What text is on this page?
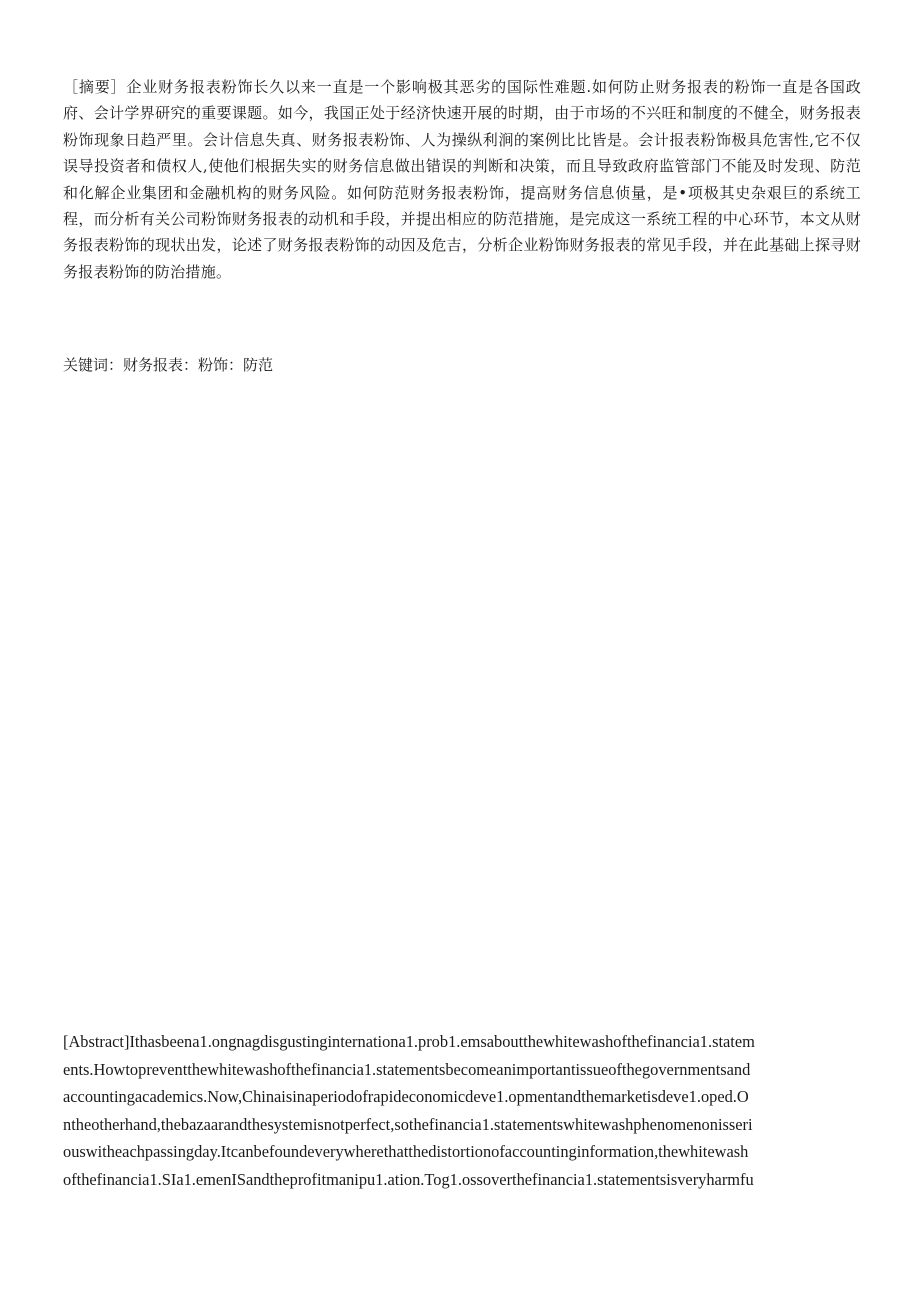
［摘要］企业财务报表粉饰长久以来一直是一个影响极其恶劣的国际性难题.如何防止财务报表的粉饰一直是各国政府、会计学界研究的重要课题。如今，我国正处于经济快速开展的时期，由于市场的不兴旺和制度的不健全，财务报表粉饰现象日趋严里。会计信息失真、财务报表粉饰、人为操纵利涧的案例比比皆是。会计报表粉饰极具危害性,它不仅误导投资者和债权人,使他们根据失实的财务信息做出错误的判断和决策，而且导致政府监管部门不能及时发现、防范和化解企业集团和金融机构的财务风险。如何防范财务报表粉饰，提高财务信息侦量，是•项极其史杂艰巨的系统工程，而分析有关公司粉饰财务报表的动机和手段，并提出相应的防范措施，是完成这一系统工程的中心环节，本文从财务报表粉饰的现状出发，论述了财务报表粉饰的动因及危吉，分析企业粉饰财务报表的常见手段，并在此基础上探寻财务报表粉饰的防治措施。

关键词：财务报表：粉饰：防范

[Abstract]Ithasbeena1.ongnagdisgustinginternationa1.prob1.emsaboutthewhitewashofthefinancia1.statem
ents.Howtopreventthewhitewashofthefinancia1.statementsbecomeanimportantissueofthegovernmentsand
accountingacademics.Now,Chinaisinaperiodofrapideconomicdeve1.opmentandthemarketisdeve1.oped.O
ntheotherhand,thebazaarandthesystemisnotperfect,sothefinancia1.statementswhitewashphenomenonisseri
ouswitheachpassingday.Itcanbefoundeverywherethatthedistortionofaccountinginformation,thewhitewash
ofthefinancia1.SIa1.emenISandtheprofitmanipu1.ation.Tog1.ossoverthefinancia1.statementsisveryharmfu
